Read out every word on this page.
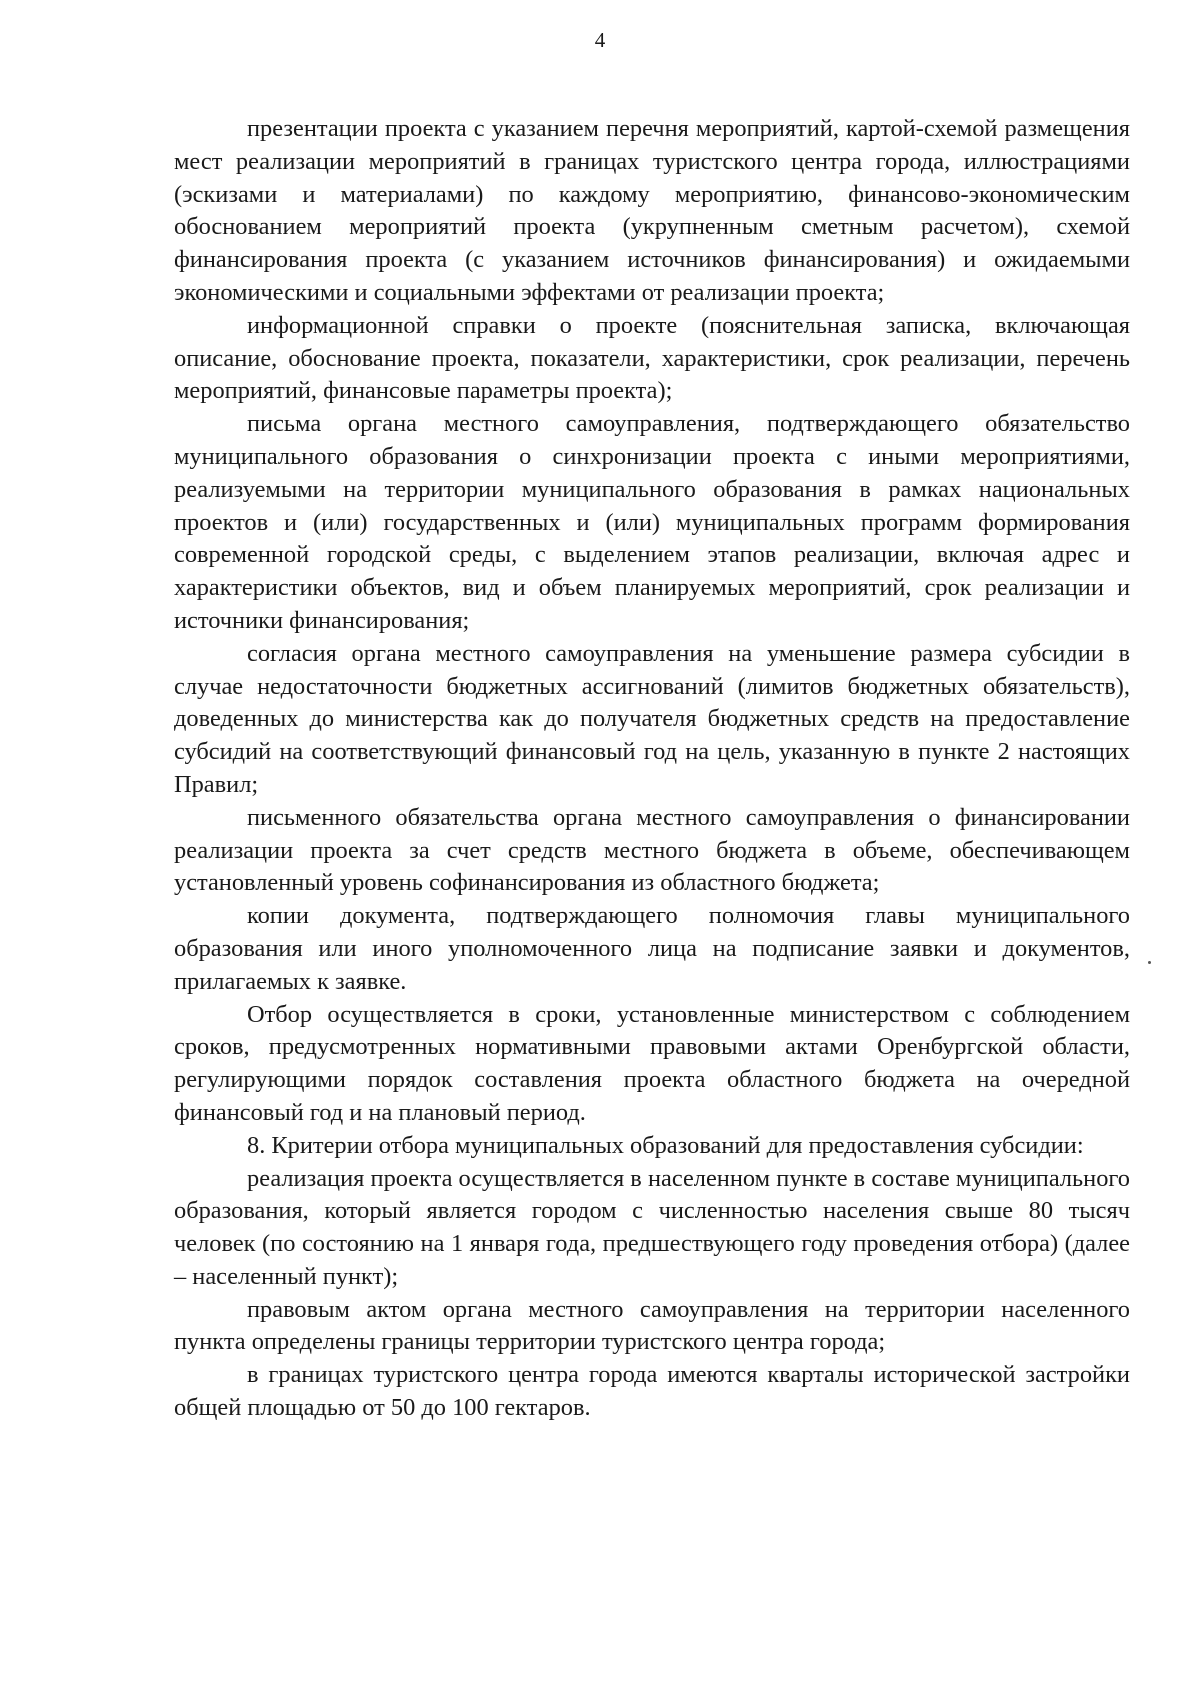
4

презентации проекта с указанием перечня мероприятий, картой-схемой размещения мест реализации мероприятий в границах туристского центра города, иллюстрациями (эскизами и материалами) по каждому мероприятию, финансово-экономическим обоснованием мероприятий проекта (укрупненным сметным расчетом), схемой финансирования проекта (с указанием источников финансирования) и ожидаемыми экономическими и социальными эффектами от реализации проекта;

информационной справки о проекте (пояснительная записка, включающая описание, обоснование проекта, показатели, характеристики, срок реализации, перечень мероприятий, финансовые параметры проекта);

письма органа местного самоуправления, подтверждающего обязательство муниципального образования о синхронизации проекта с иными мероприятиями, реализуемыми на территории муниципального образования в рамках национальных проектов и (или) государственных и (или) муниципальных программ формирования современной городской среды, с выделением этапов реализации, включая адрес и характеристики объектов, вид и объем планируемых мероприятий, срок реализации и источники финансирования;

согласия органа местного самоуправления на уменьшение размера субсидии в случае недостаточности бюджетных ассигнований (лимитов бюджетных обязательств), доведенных до министерства как до получателя бюджетных средств на предоставление субсидий на соответствующий финансовый год на цель, указанную в пункте 2 настоящих Правил;

письменного обязательства органа местного самоуправления о финансировании реализации проекта за счет средств местного бюджета в объеме, обеспечивающем установленный уровень софинансирования из областного бюджета;

копии документа, подтверждающего полномочия главы муниципального образования или иного уполномоченного лица на подписание заявки и документов, прилагаемых к заявке.

Отбор осуществляется в сроки, установленные министерством с соблюдением сроков, предусмотренных нормативными правовыми актами Оренбургской области, регулирующими порядок составления проекта областного бюджета на очередной финансовый год и на плановый период.

8. Критерии отбора муниципальных образований для предоставления субсидии:

реализация проекта осуществляется в населенном пункте в составе муниципального образования, который является городом с численностью населения свыше 80 тысяч человек (по состоянию на 1 января года, предшествующего году проведения отбора) (далее – населенный пункт);

правовым актом органа местного самоуправления на территории населенного пункта определены границы территории туристского центра города;

в границах туристского центра города имеются кварталы исторической застройки общей площадью от 50 до 100 гектаров.
